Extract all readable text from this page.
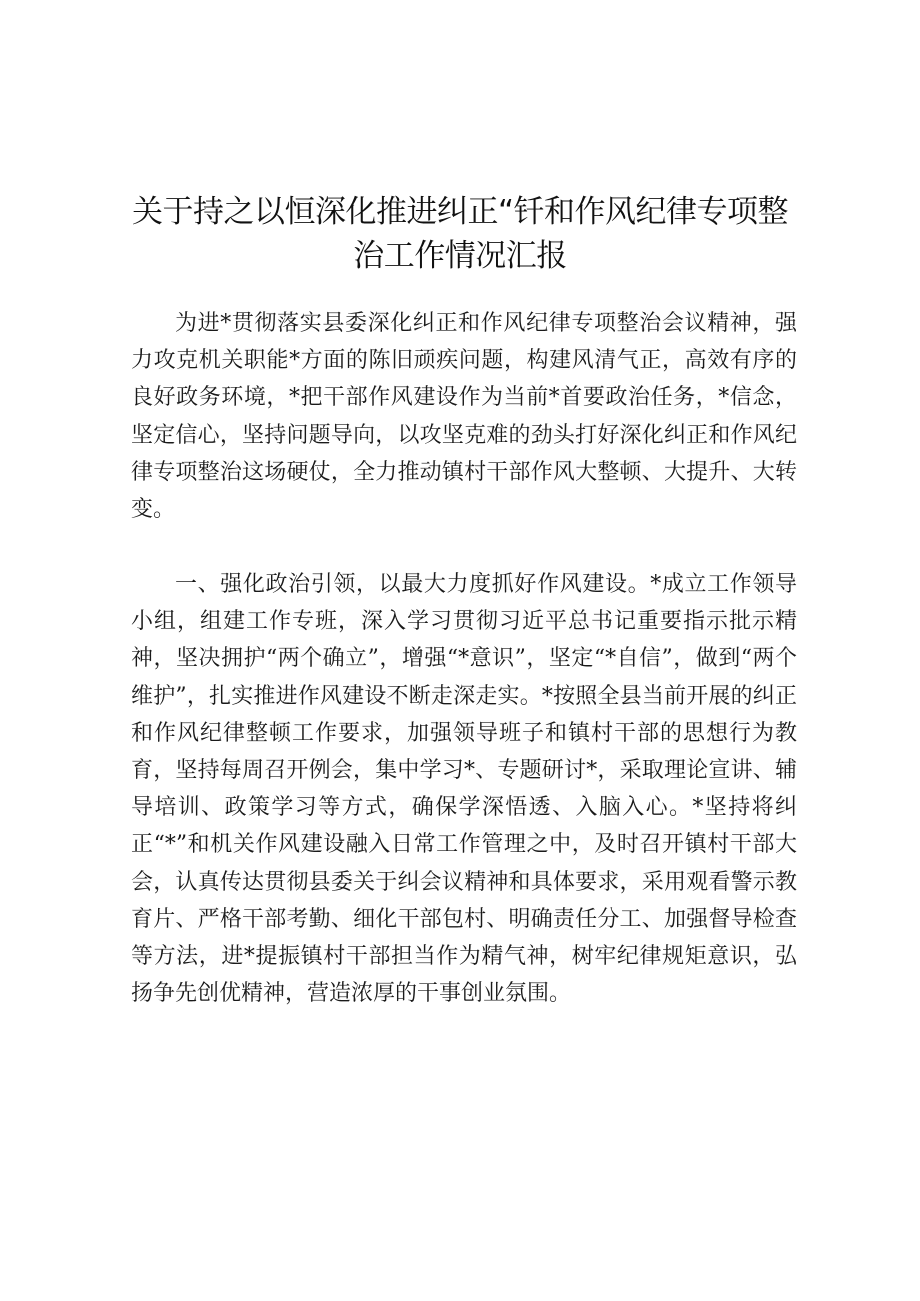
关于持之以恒深化推进纠正“钎和作风纪律专项整治工作情况汇报

为进*贯彻落实县委深化纠正和作风纪律专项整治会议精神，强力攻克机关职能*方面的陈旧顽疾问题，构建风清气正，高效有序的良好政务环境，*把干部作风建设作为当前*首要政治任务，*信念，坚定信心，坚持问题导向，以攻坚克难的劲头打好深化纠正和作风纪律专项整治这场硬仗，全力推动镇村干部作风大整顿、大提升、大转变。

一、强化政治引领，以最大力度抓好作风建设。*成立工作领导小组，组建工作专班，深入学习贯彻习近平总书记重要指示批示精神，坚决拥护“两个确立”，增强“*意识”，坚定“*自信”，做到“两个维护”，扎实推进作风建设不断走深走实。*按照全县当前开展的纠正和作风纪律整顿工作要求，加强领导班子和镇村干部的思想行为教育，坚持每周召开例会，集中学习*、专题研讨*，采取理论宣讲、辅导培训、政策学习等方式，确保学深悟透、入脑入心。*坚持将纠正“*”和机关作风建设融入日常工作管理之中，及时召开镇村干部大会，认真传达贯彻县委关于纠会议精神和具体要求，采用观看警示教育片、严格干部考勤、细化干部包村、明确责任分工、加强督导检查等方法，进*提振镇村干部担当作为精气神，树牢纪律规矩意识，弘扬争先创优精神，营造浓厚的干事创业氛围。
